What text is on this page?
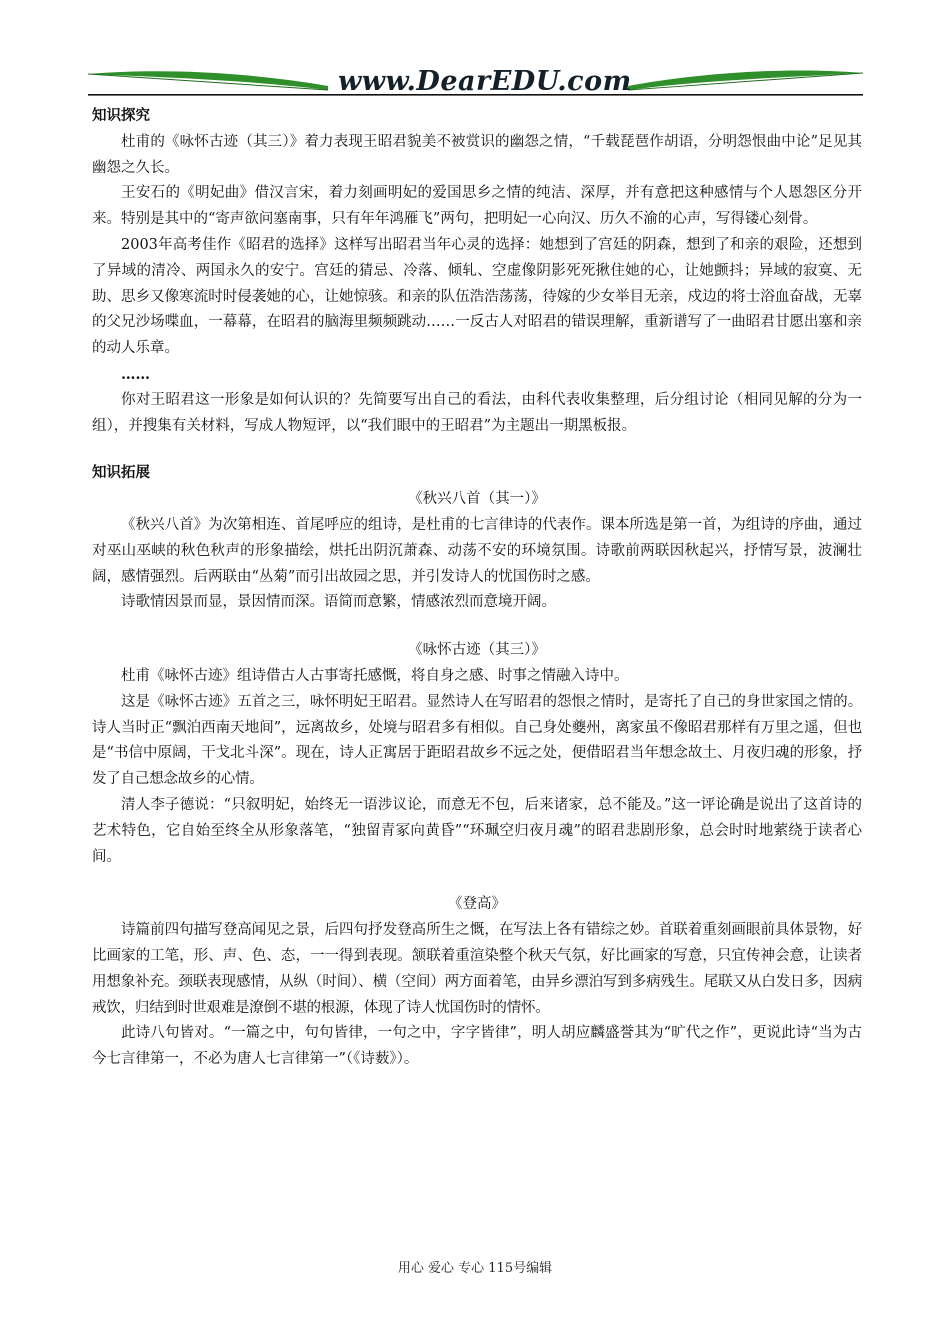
www.DearEDU.com
知识探究

杜甫的《咏怀古迹（其三）》着力表现王昭君貌美不被赏识的幽怨之情，“千载琵琶作胡语，分明怨恨曲中论”足见其幽怨之久长。

王安石的《明妃曲》借汉言宋，着力刻画明妃的爱国思乡之情的纯洁、深厚，并有意把这种感情与个人恩怨区分开来。特别是其中的“寄声欲问塞南事，只有年年鸿雁飞”两句，把明妃一心向汉、历久不渝的心声，写得镂心刻骨。

2003年高考佳作《昭君的选择》这样写出昭君当年心灵的选择：她想到了宫廷的阴森，想到了和亲的艰险，还想到了异域的清冷、两国永久的安宁。宫廷的猜忌、冷落、倾轧、空虚像阴影死死揪住她的心，让她颤抖；异域的寂寞、无助、思乡又像寒流时时侵袭她的心，让她惊骇。和亲的队伍浩浩荡荡，待嫁的少女举目无亲，戍边的将士浴血奋战，无辜的父兄沙场喋血，一幕幕，在昭君的脑海里频频跳动……一反古人对昭君的错误理解，重新谱写了一曲昭君甘愿出塞和亲的动人乐章。

……

你对王昭君这一形象是如何认识的？先简要写出自己的看法，由科代表收集整理，后分组讨论（相同见解的分为一组），并搜集有关材料，写成人物短评，以“我们眼中的王昭君”为主题出一期黑板报。

知识拓展
《秋兴八首（其一）》

《秋兴八首》为次第相连、首尾呼应的组诗，是杜甫的七言律诗的代表作。课本所选是第一首，为组诗的序曲，通过对巫山巫峡的秋色秋声的形象描绘，烘托出阴沉萧森、动荡不安的环境氛围。诗歌前两联因秋起兴，抒情写景，波澜壮阔，感情强烈。后两联由“丛菊”而引出故园之思，并引发诗人的忧国伤时之感。

诗歌情因景而显，景因情而深。语简而意繁，情感浓烈而意境开阔。

《咏怀古迹（其三）》

杜甫《咏怀古迹》组诗借古人古事寄托感慨，将自身之感、时事之情融入诗中。

这是《咏怀古迹》五首之三，咏怀明妃王昭君。显然诗人在写昭君的怨恨之情时，是寄托了自己的身世家国之情的。诗人当时正“飘泊西南天地间”，远离故乡，处境与昭君多有相似。自己身处夔州，离家虽不像昭君那样有万里之遥，但也是“书信中原阔，干戈北斗深”。现在，诗人正寓居于距昭君故乡不远之处，便借昭君当年想念故土、月夜归魂的形象，抒发了自己想念故乡的心情。

清人李子德说：“只叙明妃，始终无一语涉议论，而意无不包，后来诸家，总不能及。”这一评论确是说出了这首诗的艺术特色，它自始至终全从形象落笔，“独留青冢向黄昏”“环珮空归夜月魂”的昭君悲剧形象，总会时时地萦绕于读者心间。

《登高》

诗篇前四句描写登高闻见之景，后四句抒发登高所生之慨，在写法上各有错综之妙。首联着重刻画眼前具体景物，好比画家的工笔，形、声、色、态，一一得到表现。颔联着重渲染整个秋天气氛，好比画家的写意，只宜传神会意，让读者用想象补充。颈联表现感情，从纵（时间）、横（空间）两方面着笔，由异乡漂泊写到多病残生。尾联又从白发日多，因病戒饮，归结到时世艰难是潦倒不堪的根源，体现了诗人忧国伤时的情怀。

此诗八句皆对。“一篇之中，句句皆律，一句之中，字字皆律”，明人胡应麟盛誉其为“旷代之作”，更说此诗“当为古今七言律第一，不必为唐人七言律第一”（《诗薮》）。

用心 爱心 专心 115号编辑
